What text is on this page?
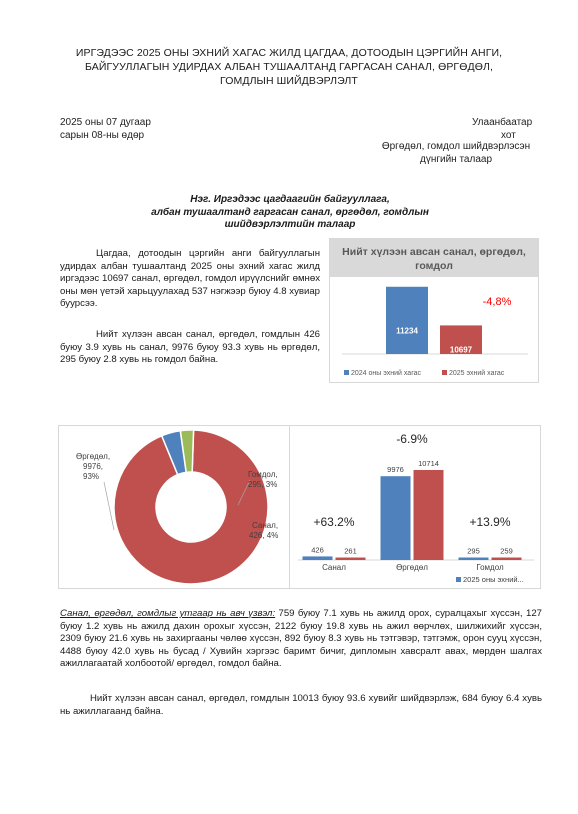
ИРГЭДЭЭС 2025 ОНЫ ЭХНИЙ ХАГАС ЖИЛД ЦАГДАА, ДОТООДЫН ЦЭРГИЙН АНГИ, БАЙГУУЛЛАГЫН УДИРДАХ АЛБАН ТУШААЛТАНД ГАРГАСАН САНАЛ, ӨРГӨДӨЛ, ГОМДЛЫН ШИЙДВЭРЛЭЛТ
2025 оны 07 дугаар
сарын 08-ны өдөр
Улаанбаатар
хот
Өргөдөл, гомдол шийдвэрлэсэн
дүнгийн талаар
Нэг. Иргэдээс цагдаагийн байгууллага,
албан тушаалтанд гаргасан санал, өргөдөл, гомдлын
шийдвэрлэлтийн талаар
Цагдаа, дотоодын цэргийн анги байгууллагын удирдах албан тушаалтанд 2025 оны эхний хагас жилд иргэдээс 10697 санал, өргөдөл, гомдол ирүүлснийг өмнөх оны мөн үетэй харьцуулахад 537 нэгжээр буюу 4.8 хувиар буурсээ.
Нийт хүлээн авсан санал, өргөдөл, гомдлын 426 буюу 3.9 хувь нь санал, 9976 буюу 93.3 хувь нь өргөдөл, 295 буюу 2.8 хувь нь гомдол байна.
Нийт хүлээн авсан санал, өргөдөл, гомдол
11234
10697
-4,8%
2024 оны эхний хагас	2025 эхний хагас
Өргөдөл,
9976,
93%	Гомдол,
295, 3%
Санал,
426, 4%
426	261
Санал
9976
10714
Өргөдөл
295	259
Гомдол
+63.2%
-6.9%
+13.9%
2025 оны эхний...
Санал, өргөдөл, гомдлыг утгаар нь авч үзвэл: 759 буюу 7.1 хувь нь ажилд орох, суралцахыг хүссэн, 127 буюу 1.2 хувь нь ажилд дахин орохыг хүссэн, 2122 буюу 19.8 хувь нь ажил өөрчлөх, шилжихийг хүссэн, 2309 буюу 21.6 хувь нь захиргааны чөлөө хүссэн, 892 буюу 8.3 хувь нь тэтгэвэр, тэтгэмж, орон сууц хүссэн, 4488 буюу 42.0 хувь нь бусад / Хувийн хэргээс баримт бичиг, дипломын хавсралт авах, мөрдөн шалгах ажиллагаатай холбоотой/ өргөдөл, гомдол байна.
Нийт хүлээн авсан санал, өргөдөл, гомдлын 10013 буюу 93.6 хувийг шийдвэрлэж, 684 буюу 6.4 хувь нь ажиллагаанд байна.
